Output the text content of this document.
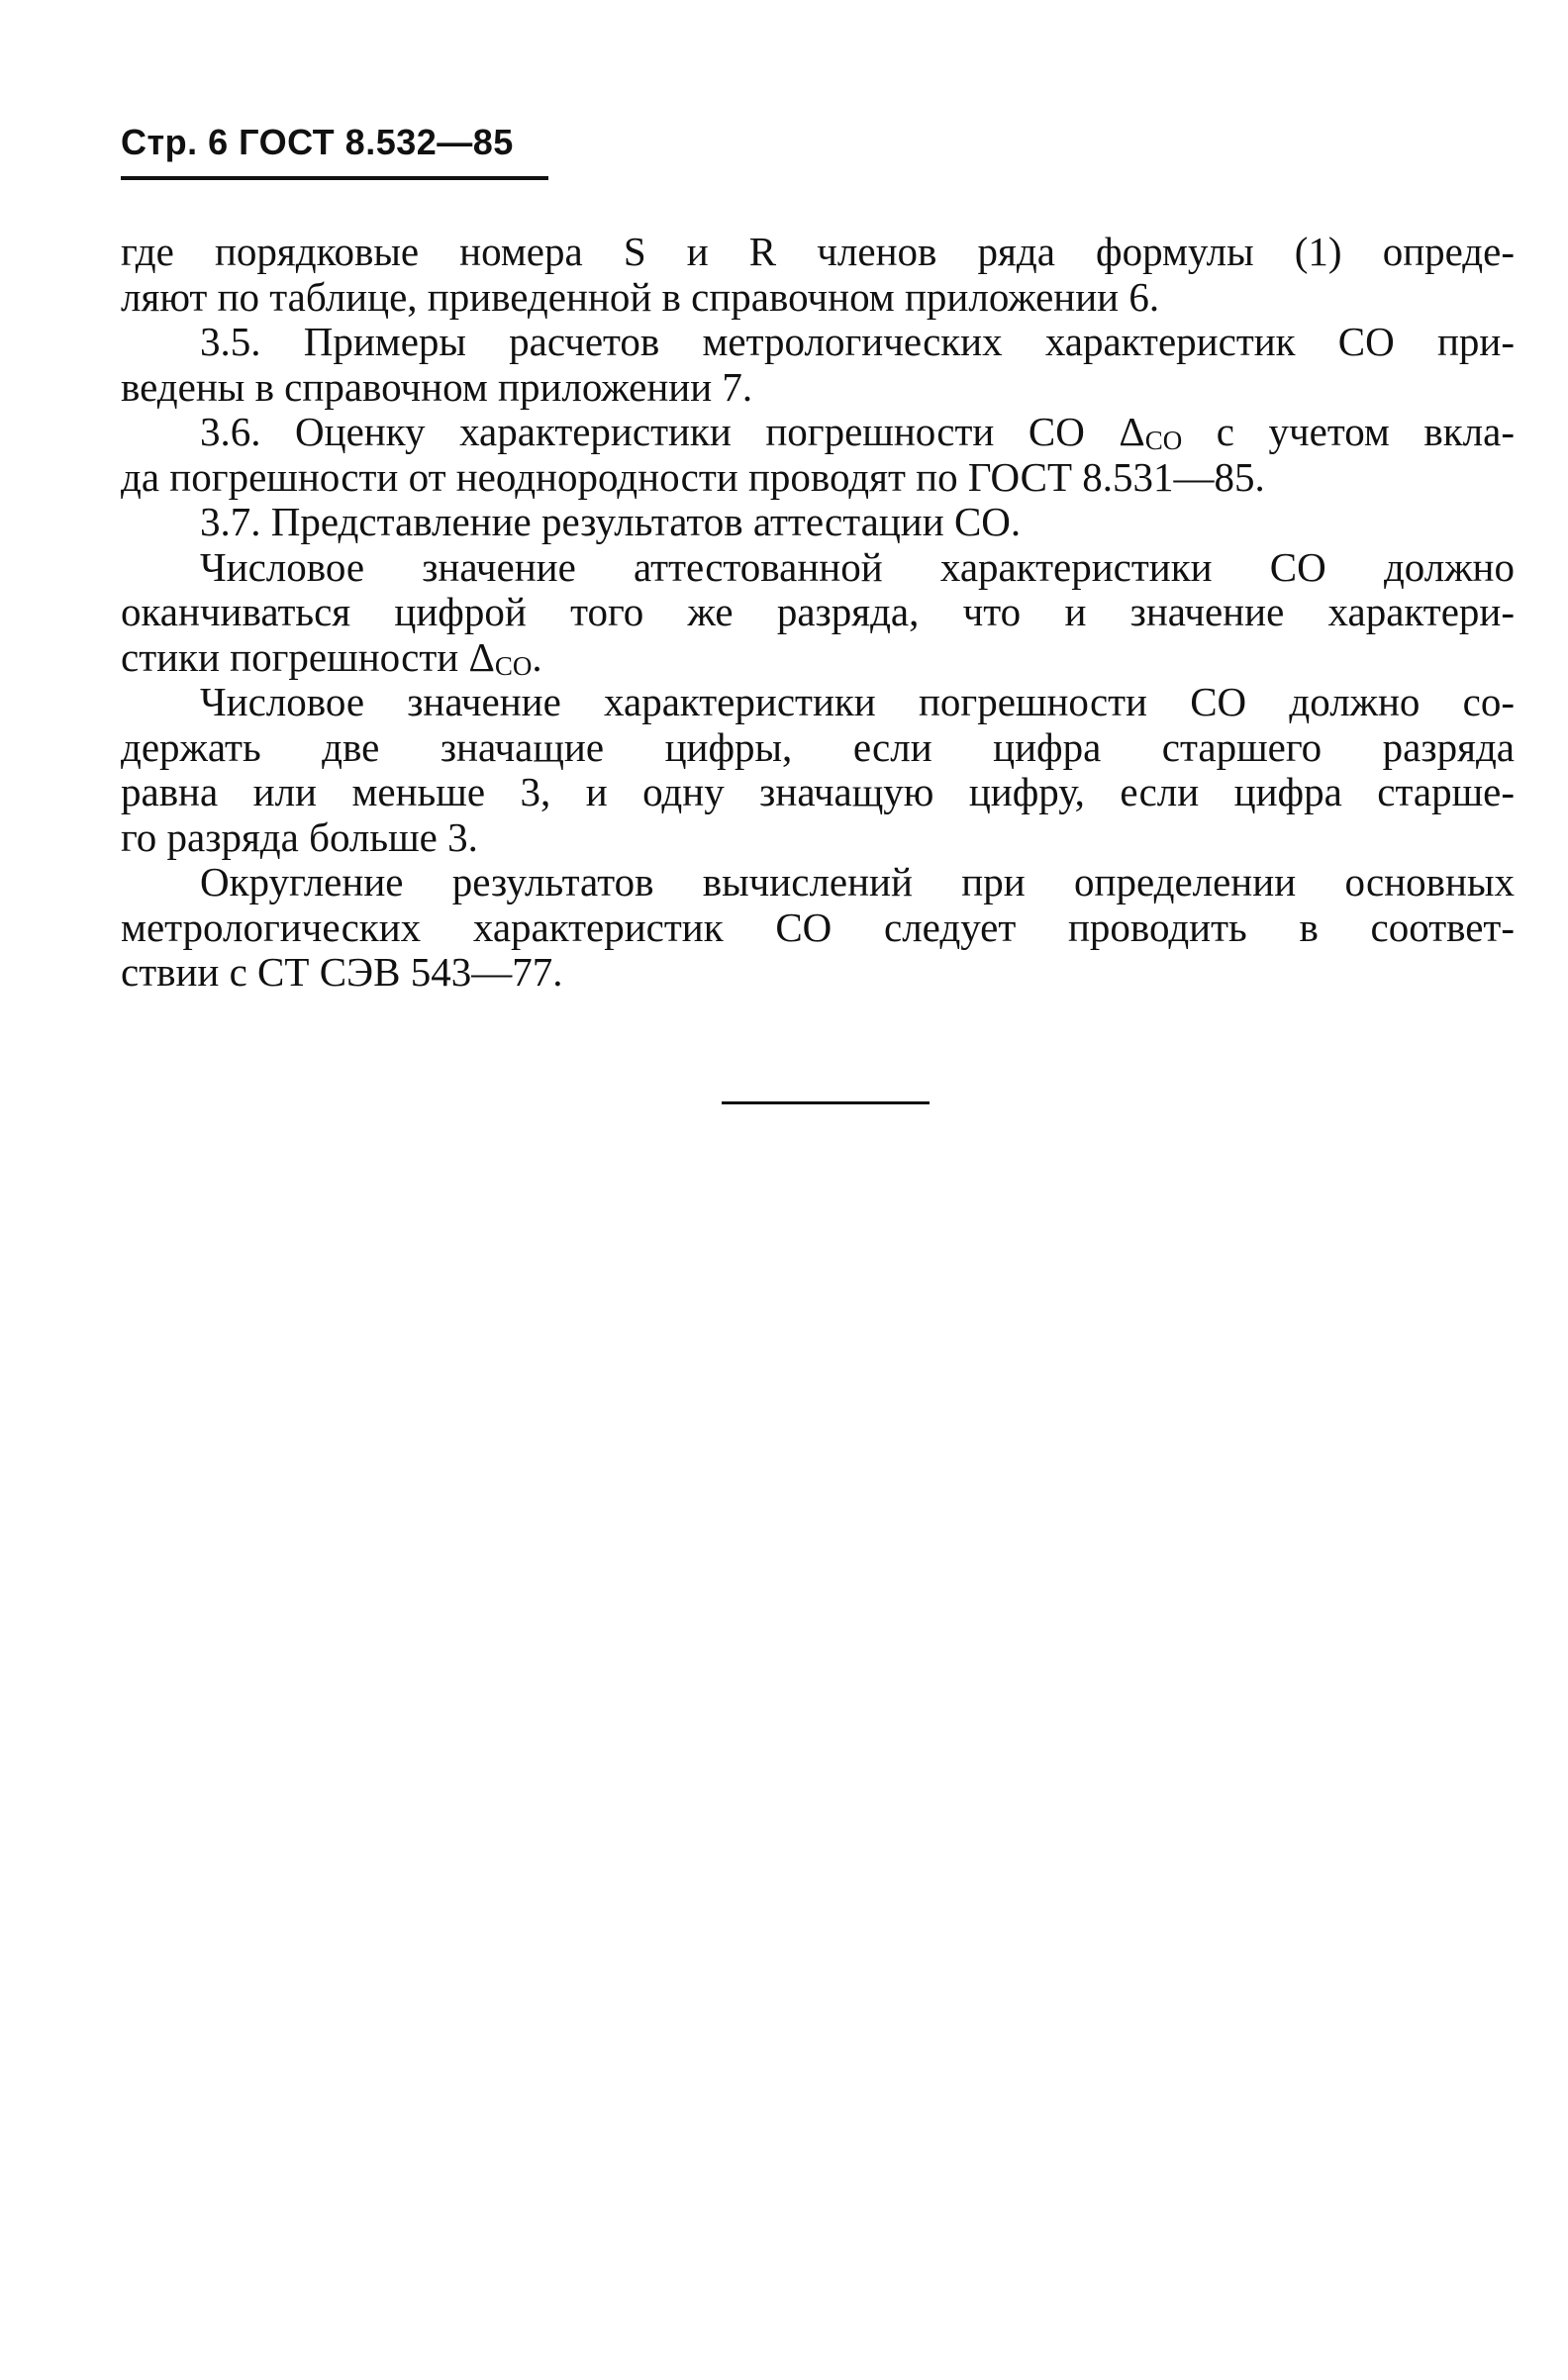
Стр. 6 ГОСТ 8.532—85
где порядковые номера S и R членов ряда формулы (1) опреде-
ляют по таблице, приведенной в справочном приложении 6.
3.5. Примеры расчетов метрологических характеристик СО при-
ведены в справочном приложении 7.
3.6. Оценку характеристики погрешности СО ΔСО с учетом вкла-
да погрешности от неоднородности проводят по ГОСТ 8.531—85.
3.7. Представление результатов аттестации СО.
Числовое значение аттестованной характеристики СО должно
оканчиваться цифрой того же разряда, что и значение характери-
стики погрешности ΔСО.
Числовое значение характеристики погрешности СО должно со-
держать две значащие цифры, если цифра старшего разряда
равна или меньше 3, и одну значащую цифру, если цифра старше-
го разряда больше 3.
Округление результатов вычислений при определении основных
метрологических характеристик СО следует проводить в соответ-
ствии с СТ СЭВ 543—77.
